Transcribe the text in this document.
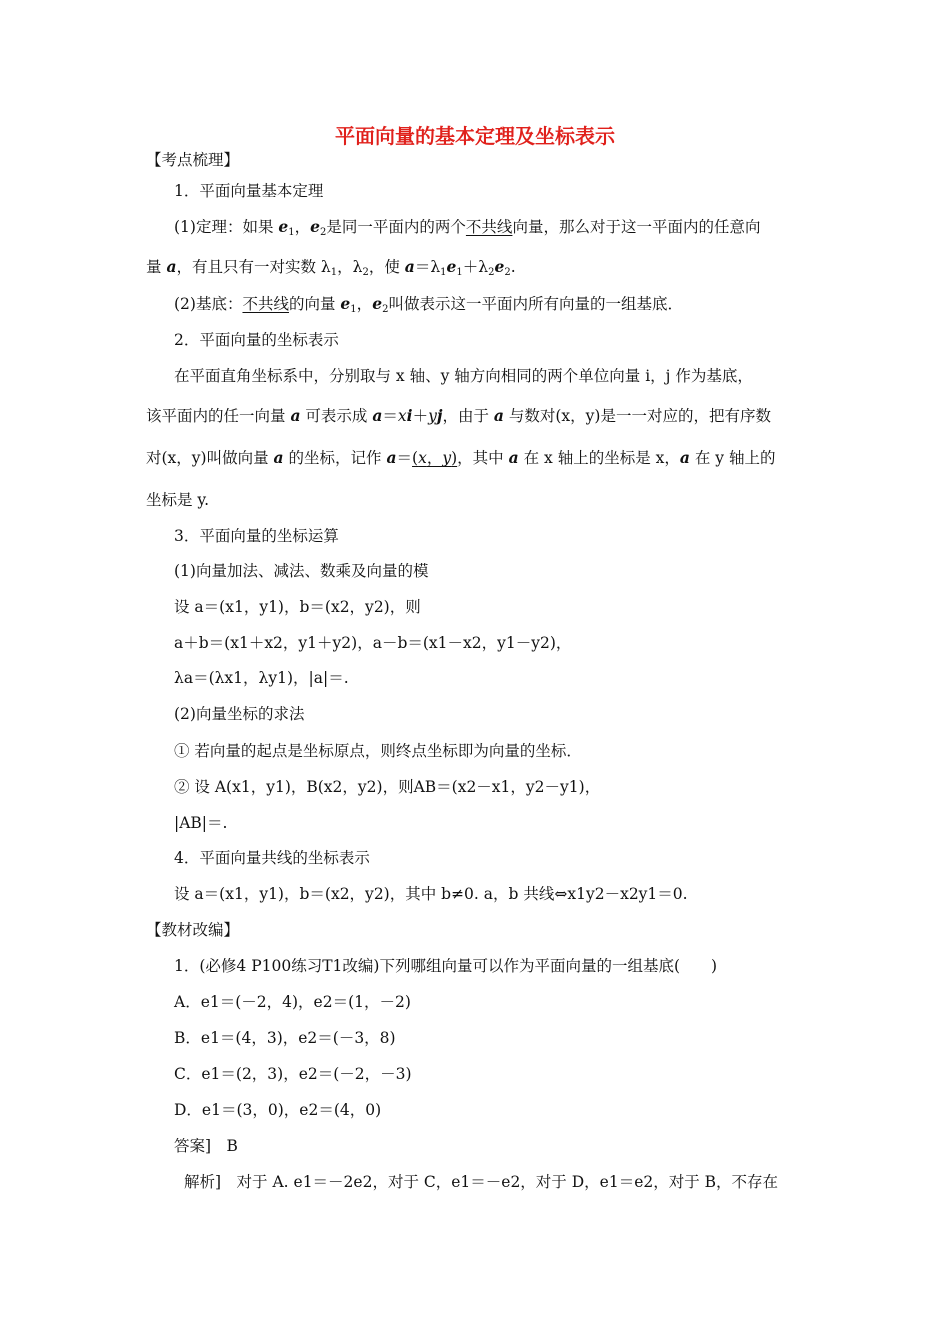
平面向量的基本定理及坐标表示
【考点梳理】
1．平面向量基本定理
(1)定理：如果 $e_1$，$e_2$是同一平面内的两个不共线向量，那么对于这一平面内的任意向
量 a，有且只有一对实数 $\lambda_1$，$\lambda_2$，使 $a=\lambda_1e_1+\lambda_2e_2$.
(2)基底：不共线的向量 $e_1$，$e_2$叫做表示这一平面内所有向量的一组基底．
2．平面向量的坐标表示
在平面直角坐标系中，分别取与 x 轴、y 轴方向相同的两个单位向量 i，j 作为基底，
该平面内的任一向量 a 可表示成 a＝xi＋yj，由于 a 与数对(x，y)是一一对应的，把有序数
对(x，y)叫做向量 a 的坐标，记作 a＝(x，y)，其中 a 在 x 轴上的坐标是 x，a 在 y 轴上的
坐标是 y.
3．平面向量的坐标运算
(1)向量加法、减法、数乘及向量的模
设 a＝(x1，y1)，b＝(x2，y2)，则
a＋b＝(x1＋x2，y1＋y2)，a－b＝(x1－x2，y1－y2)，
λa＝(λx1，λy1)，|a|＝.
(2)向量坐标的求法
① 若向量的起点是坐标原点，则终点坐标即为向量的坐标．
② 设 A(x1，y1)，B(x2，y2)，则AB＝(x2－x1，y2－y1)，
|AB|＝.
4．平面向量共线的坐标表示
设 a＝(x1，y1)，b＝(x2，y2)，其中 b≠0. a，b 共线⇔x1y2－x2y1＝0.
【教材改编】
1．(必修4 P100练习T1改编)下列哪组向量可以作为平面向量的一组基底(　　)
A．e1＝(－2，4)，e2＝(1，－2)
B．e1＝(4，3)，e2＝(－3，8)
C．e1＝(2，3)，e2＝(－2，－3)
D．e1＝(3，0)，e2＝(4，0)
答案]　B
解析]　对于 A. e1＝－2e2，对于 C，e1＝－e2，对于 D，e1＝e2，对于 B，不存在
